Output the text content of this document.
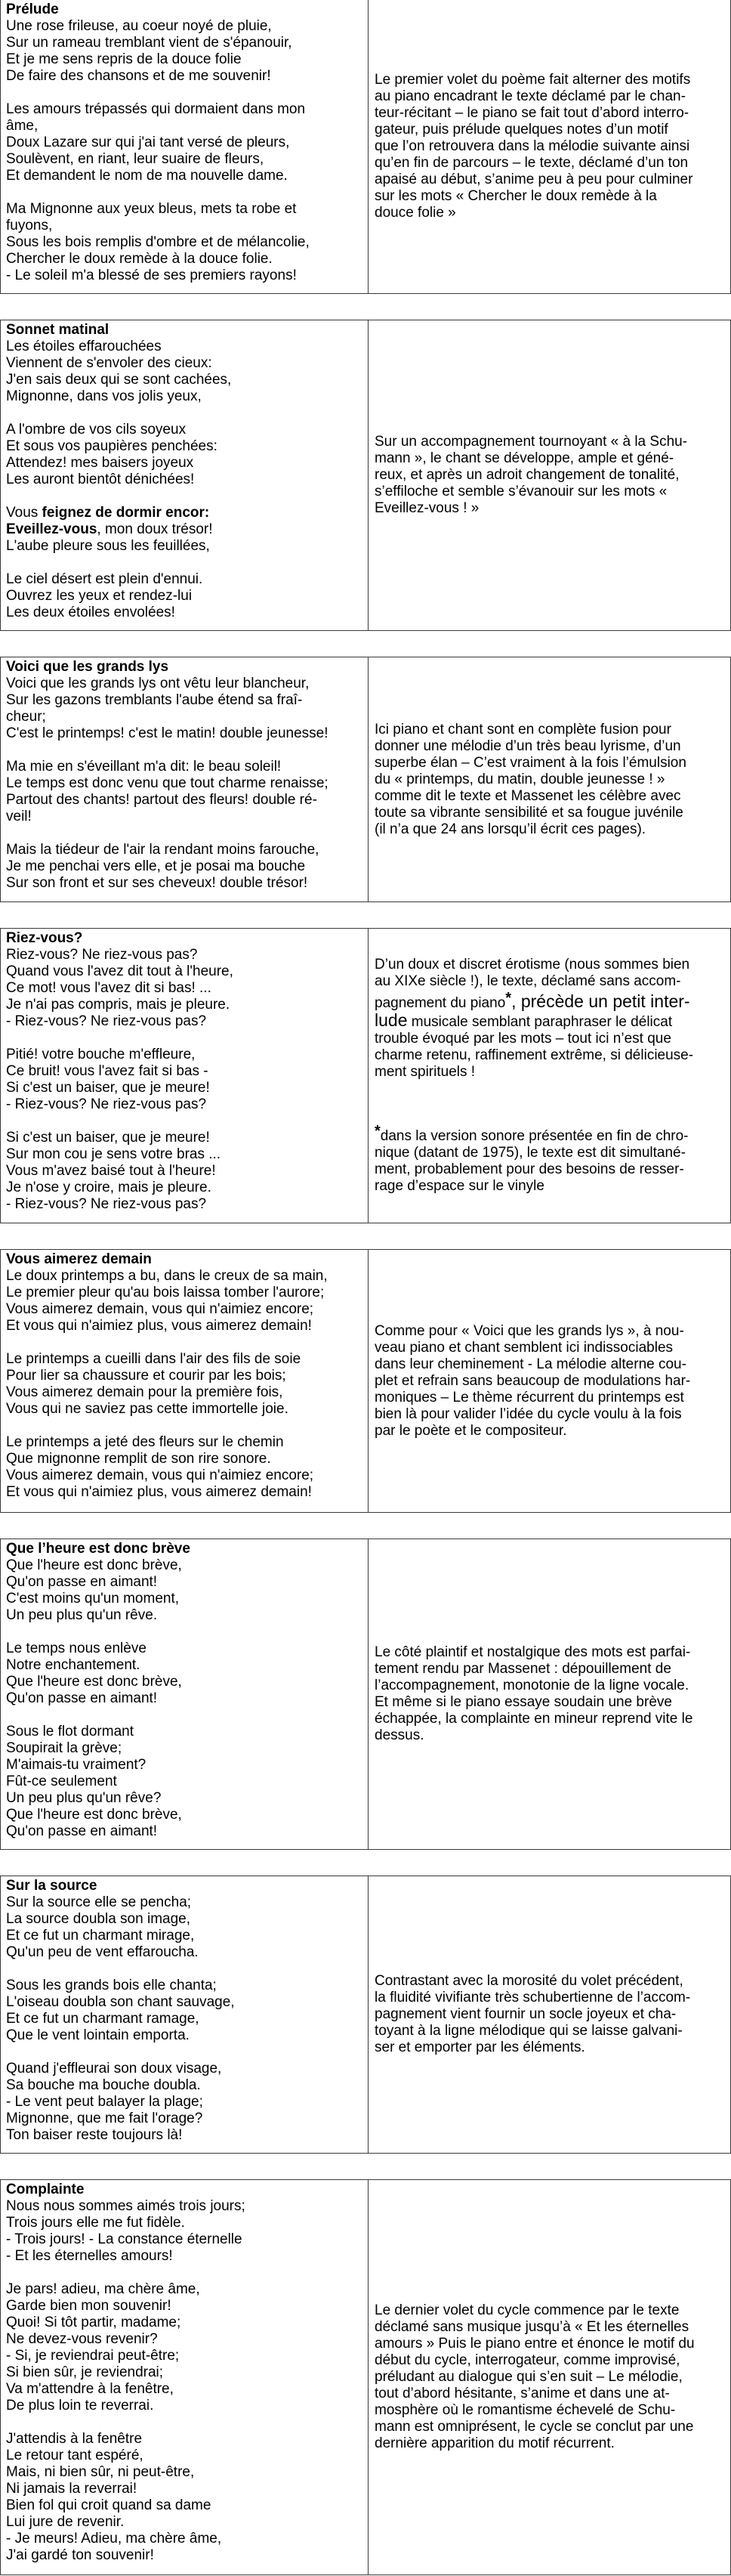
Prélude

Une rose frileuse, au coeur noyé de pluie,
Sur un rameau tremblant vient de s'épanouir,
Et je me sens repris de la douce folie
De faire des chansons et de me souvenir!

Les amours trépassés qui dormaient dans mon
âme,
Doux Lazare sur qui j'ai tant versé de pleurs,
Soulèvent, en riant, leur suaire de fleurs,
Et demandent le nom de ma nouvelle dame.

Ma Mignonne aux yeux bleus, mets ta robe et
fuyons,
Sous les bois remplis d'ombre et de mélancolie,
Chercher le doux remède à la douce folie.
- Le soleil m'a blessé de ses premiers rayons!

Le premier volet du poème fait alterner des motifs
au piano encadrant le texte déclamé par le chan-
teur-récitant – le piano se fait tout d’abord interro-
gateur, puis prélude quelques notes d’un motif
que l’on retrouvera dans la mélodie suivante ainsi
qu’en fin de parcours – le texte, déclamé d’un ton
apaisé au début, s’anime peu à peu pour culminer
sur les mots « Chercher le doux remède à la
douce folie »

Sonnet matinal

Les étoiles effarouchées
Viennent de s'envoler des cieux:
J'en sais deux qui se sont cachées,
Mignonne, dans vos jolis yeux,

A l'ombre de vos cils soyeux
Et sous vos paupières penchées:
Attendez! mes baisers joyeux
Les auront bientôt dénichées!

Vous feignez de dormir encor:
Eveillez-vous, mon doux trésor!
L'aube pleure sous les feuillées,

Le ciel désert est plein d'ennui.
Ouvrez les yeux et rendez-lui
Les deux étoiles envolées!

Sur un accompagnement tournoyant « à la Schu-
mann », le chant se développe, ample et géné-
reux, et après un adroit changement de tonalité,
s’effiloche et semble s’évanouir sur les mots «
Eveillez-vous ! »

Voici que les grands lys

Voici que les grands lys ont vêtu leur blancheur,
Sur les gazons tremblants l'aube étend sa fraî-
cheur;
C'est le printemps! c'est le matin! double jeunesse!

Ma mie en s'éveillant m'a dit: le beau soleil!
Le temps est donc venu que tout charme renaisse;
Partout des chants! partout des fleurs! double ré-
veil!

Mais la tiédeur de l'air la rendant moins farouche,
Je me penchai vers elle, et je posai ma bouche
Sur son front et sur ses cheveux! double trésor!

Ici piano et chant sont en complète fusion pour
donner une mélodie d’un très beau lyrisme, d’un
superbe élan – C’est vraiment à la fois l’émulsion
du « printemps, du matin, double jeunesse ! »
comme dit le texte et Massenet les célèbre avec
toute sa vibrante sensibilité et sa fougue juvénile
(il n’a que 24 ans lorsqu’il écrit ces pages).

Riez-vous?

Riez-vous? Ne riez-vous pas?
Quand vous l'avez dit tout à l'heure,
Ce mot! vous l'avez dit si bas! ...
Je n'ai pas compris, mais je pleure.
- Riez-vous? Ne riez-vous pas?

Pitié! votre bouche m'effleure,
Ce bruit! vous l'avez fait si bas -
Si c'est un baiser, que je meure!
- Riez-vous? Ne riez-vous pas?

Si c'est un baiser, que je meure!
Sur mon cou je sens votre bras ...
Vous m'avez baisé tout à l'heure!
Je n'ose y croire, mais je pleure.
- Riez-vous? Ne riez-vous pas?

D’un doux et discret érotisme (nous sommes bien
au XIXe siècle !), le texte, déclamé sans accom-
pagnement du piano*, précède un petit inter-
lude musicale semblant paraphraser le délicat
trouble évoqué par les mots – tout ici n’est que
charme retenu, raffinement extrême, si délicieuse-
ment spirituels !

*dans la version sonore présentée en fin de chro-
nique (datant de 1975), le texte est dit simultané-
ment, probablement pour des besoins de resser-
rage d’espace sur le vinyle

Vous aimerez demain

Le doux printemps a bu, dans le creux de sa main,
Le premier pleur qu'au bois laissa tomber l'aurore;
Vous aimerez demain, vous qui n'aimiez encore;
Et vous qui n'aimiez plus, vous aimerez demain!

Le printemps a cueilli dans l'air des fils de soie
Pour lier sa chaussure et courir par les bois;
Vous aimerez demain pour la première fois,
Vous qui ne saviez pas cette immortelle joie.

Le printemps a jeté des fleurs sur le chemin
Que mignonne remplit de son rire sonore.
Vous aimerez demain, vous qui n'aimiez encore;
Et vous qui n'aimiez plus, vous aimerez demain!

Comme pour « Voici que les grands lys », à nou-
veau piano et chant semblent ici indissociables
dans leur cheminement - La mélodie alterne cou-
plet et refrain sans beaucoup de modulations har-
moniques – Le thème récurrent du printemps est
bien là pour valider l’idée du cycle voulu à la fois
par le poète et le compositeur.

Que l’heure est donc brève

Que l'heure est donc brève,
Qu'on passe en aimant!
C'est moins qu'un moment,
Un peu plus qu'un rêve.

Le temps nous enlève
Notre enchantement.
Que l'heure est donc brève,
Qu'on passe en aimant!

Sous le flot dormant
Soupirait la grève;
M'aimais-tu vraiment?
Fût-ce seulement
Un peu plus qu'un rêve?
Que l'heure est donc brève,
Qu'on passe en aimant!

Le côté plaintif et nostalgique des mots est parfai-
tement rendu par Massenet : dépouillement de
l’accompagnement, monotonie de la ligne vocale.
Et même si le piano essaye soudain une brève
échappée, la complainte en mineur reprend vite le
dessus.

Sur la source

Sur la source elle se pencha;
La source doubla son image,
Et ce fut un charmant mirage,
Qu'un peu de vent effaroucha.

Sous les grands bois elle chanta;
L'oiseau doubla son chant sauvage,
Et ce fut un charmant ramage,
Que le vent lointain emporta.

Quand j'effleurai son doux visage,
Sa bouche ma bouche doubla.
- Le vent peut balayer la plage;
Mignonne, que me fait l'orage?
Ton baiser reste toujours là!

Contrastant avec la morosité du volet précédent,
la fluidité vivifiante très schubertienne de l’accom-
pagnement vient fournir un socle joyeux et cha-
toyant à la ligne mélodique qui se laisse galvani-
ser et emporter par les éléments.

Complainte

Nous nous sommes aimés trois jours;
Trois jours elle me fut fidèle.
- Trois jours! - La constance éternelle
- Et les éternelles amours!

Je pars! adieu, ma chère âme,
Garde bien mon souvenir!
Quoi! Si tôt partir, madame;
Ne devez-vous revenir?
- Si, je reviendrai peut-être;
Si bien sûr, je reviendrai;
Va m'attendre à la fenêtre,
De plus loin te reverrai.

J'attendis à la fenêtre
Le retour tant espéré,
Mais, ni bien sûr, ni peut-être,
Ni jamais la reverrai!
Bien fol qui croit quand sa dame
Lui jure de revenir.
- Je meurs! Adieu, ma chère âme,
J'ai gardé ton souvenir!

Le dernier volet du cycle commence par le texte
déclamé sans musique jusqu’à « Et les éternelles
amours » Puis le piano entre et énonce le motif du
début du cycle, interrogateur, comme improvisé,
préludant au dialogue qui s’en suit – Le mélodie,
tout d’abord hésitante, s’anime et dans une at-
mosphère où le romantisme échevelé de Schu-
mann est omniprésent, le cycle se conclut par une
dernière apparition du motif récurrent.
